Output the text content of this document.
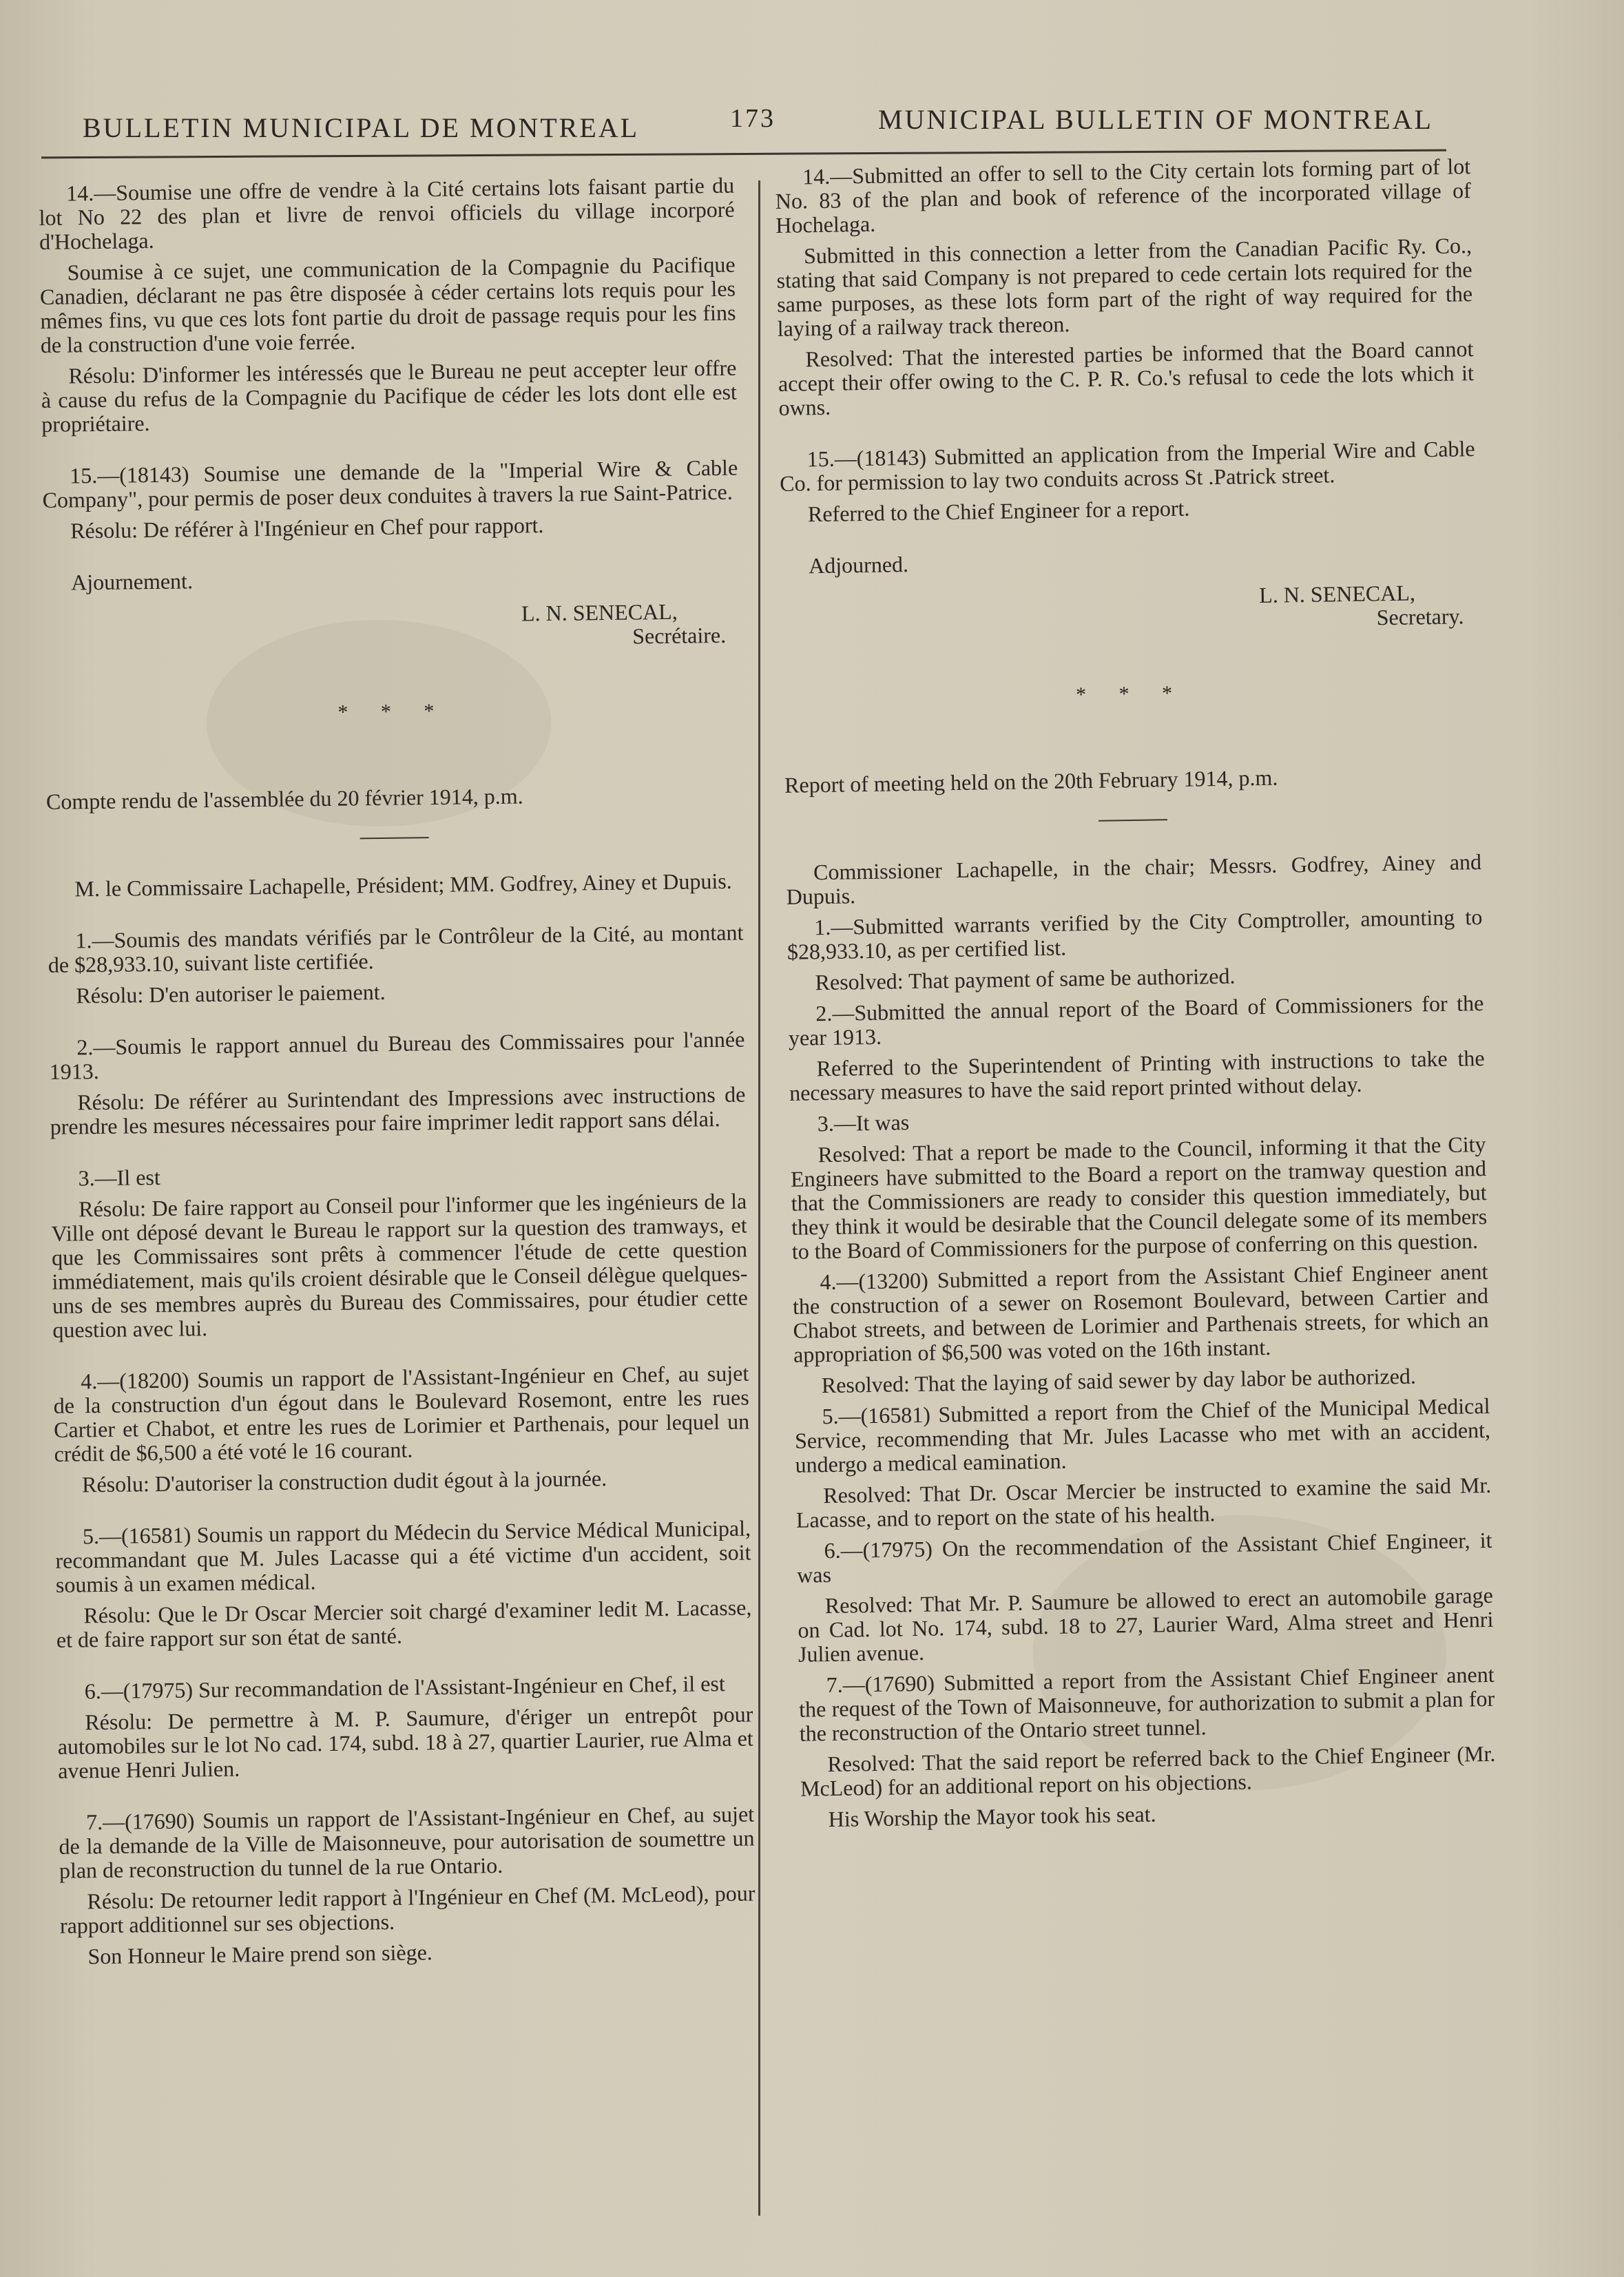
BULLETIN MUNICIPAL DE MONTREAL	173	MUNICIPAL BULLETIN OF MONTREAL

14.—Soumise une offre de vendre à la Cité certains lots faisant partie du lot No 22 des plan et livre de renvoi officiels du village incorporé d'Hochelaga.

Soumise à ce sujet, une communication de la Compagnie du Pacifique Canadien, déclarant ne pas être disposée à céder certains lots requis pour les mêmes fins, vu que ces lots font partie du droit de passage requis pour les fins de la construction d'une voie ferrée.

Résolu: D'informer les intéressés que le Bureau ne peut accepter leur offre à cause du refus de la Compagnie du Pacifique de céder les lots dont elle est propriétaire.

15.—(18143) Soumise une demande de la "Imperial Wire & Cable Company", pour permis de poser deux conduites à travers la rue Saint-Patrice.

Résolu: De référer à l'Ingénieur en Chef pour rapport.

Ajournement.

L. N. SENECAL,
Secrétaire.
* * *

Compte rendu de l'assemblée du 20 février 1914, p.m.

M. le Commissaire Lachapelle, Président; MM. Godfrey, Ainey et Dupuis.

1.—Soumis des mandats vérifiés par le Contrôleur de la Cité, au montant de $28,933.10, suivant liste certifiée.

Résolu: D'en autoriser le paiement.

2.—Soumis le rapport annuel du Bureau des Commissaires pour l'année 1913.

Résolu: De référer au Surintendant des Impressions avec instructions de prendre les mesures nécessaires pour faire imprimer ledit rapport sans délai.

3.—Il est

Résolu: De faire rapport au Conseil pour l'informer que les ingénieurs de la Ville ont déposé devant le Bureau le rapport sur la question des tramways, et que les Commissaires sont prêts à commencer l'étude de cette question immédiatement, mais qu'ils croient désirable que le Conseil délègue quelques-uns de ses membres auprès du Bureau des Commissaires, pour étudier cette question avec lui.

4.—(18200) Soumis un rapport de l'Assistant-Ingénieur en Chef, au sujet de la construction d'un égout dans le Boulevard Rosemont, entre les rues Cartier et Chabot, et entre les rues de Lorimier et Parthenais, pour lequel un crédit de $6,500 a été voté le 16 courant.

Résolu: D'autoriser la construction dudit égout à la journée.

5.—(16581) Soumis un rapport du Médecin du Service Médical Municipal, recommandant que M. Jules Lacasse qui a été victime d'un accident, soit soumis à un examen médical.

Résolu: Que le Dr Oscar Mercier soit chargé d'examiner ledit M. Lacasse, et de faire rapport sur son état de santé.

6.—(17975) Sur recommandation de l'Assistant-Ingénieur en Chef, il est

Résolu: De permettre à M. P. Saumure, d'ériger un entrepôt pour automobiles sur le lot No cad. 174, subd. 18 à 27, quartier Laurier, rue Alma et avenue Henri Julien.

7.—(17690) Soumis un rapport de l'Assistant-Ingénieur en Chef, au sujet de la demande de la Ville de Maisonneuve, pour autorisation de soumettre un plan de reconstruction du tunnel de la rue Ontario.

Résolu: De retourner ledit rapport à l'Ingénieur en Chef (M. McLeod), pour rapport additionnel sur ses objections.

Son Honneur le Maire prend son siège.

14.—Submitted an offer to sell to the City certain lots forming part of lot No. 83 of the plan and book of reference of the incorporated village of Hochelaga.

Submitted in this connection a letter from the Canadian Pacific Ry. Co., stating that said Company is not prepared to cede certain lots required for the same purposes, as these lots form part of the right of way required for the laying of a railway track thereon.

Resolved: That the interested parties be informed that the Board cannot accept their offer owing to the C. P. R. Co.'s refusal to cede the lots which it owns.

15.—(18143) Submitted an application from the Imperial Wire and Cable Co. for permission to lay two conduits across St .Patrick street.

Referred to the Chief Engineer for a report.

Adjourned.

L. N. SENECAL,
Secretary.
* * *

Report of meeting held on the 20th February 1914, p.m.

Commissioner Lachapelle, in the chair; Messrs. Godfrey, Ainey and Dupuis.

1.—Submitted warrants verified by the City Comptroller, amounting to $28,933.10, as per certified list.

Resolved: That payment of same be authorized.

2.—Submitted the annual report of the Board of Commissioners for the year 1913.

Referred to the Superintendent of Printing with instructions to take the necessary measures to have the said report printed without delay.

3.—It was

Resolved: That a report be made to the Council, informing it that the City Engineers have submitted to the Board a report on the tramway question and that the Commissioners are ready to consider this question immediately, but they think it would be desirable that the Council delegate some of its members to the Board of Commissioners for the purpose of conferring on this question.

4.—(13200) Submitted a report from the Assistant Chief Engineer anent the construction of a sewer on Rosemont Boulevard, between Cartier and Chabot streets, and between de Lorimier and Parthenais streets, for which an appropriation of $6,500 was voted on the 16th instant.

Resolved: That the laying of said sewer by day labor be authorized.

5.—(16581) Submitted a report from the Chief of the Municipal Medical Service, recommending that Mr. Jules Lacasse who met with an accident, undergo a medical eamination.

Resolved: That Dr. Oscar Mercier be instructed to examine the said Mr. Lacasse, and to report on the state of his health.

6.—(17975) On the recommendation of the Assistant Chief Engineer, it was

Resolved: That Mr. P. Saumure be allowed to erect an automobile garage on Cad. lot No. 174, subd. 18 to 27, Laurier Ward, Alma street and Henri Julien avenue.

7.—(17690) Submitted a report from the Assistant Chief Engineer anent the request of the Town of Maisonneuve, for authorization to submit a plan for the reconstruction of the Ontario street tunnel.

Resolved: That the said report be referred back to the Chief Engineer (Mr. McLeod) for an additional report on his objections.

His Worship the Mayor took his seat.
